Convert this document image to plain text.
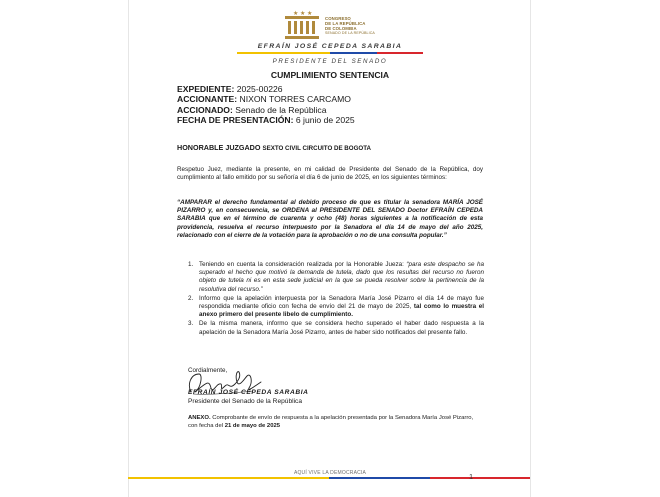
★ ★ ★
CONGRESO
DE LA REPÚBLICA
DE COLOMBIA
SENADO DE LA REPÚBLICA
EFRAÍN JOSÉ CEPEDA SARABIA
PRESIDENTE DEL SENADO
CUMPLIMIENTO SENTENCIA
EXPEDIENTE: 2025-00226
ACCIONANTE: NIXON TORRES CARCAMO
ACCIONADO: Senado de la República
FECHA DE PRESENTACIÓN: 6 junio de 2025
HONORABLE JUZGADO SEXTO CIVIL CIRCUITO DE BOGOTA

Respetuo Juez, mediante la presente, en mi calidad de Presidente del Senado de la República, doy cumplimiento al fallo emitido por su señoría el día 6 de junio de 2025, en los siguientes términos:

“AMPARAR el derecho fundamental al debido proceso de que es titular la senadora MARÍA JOSÉ PIZARRO y, en consecuencia, se ORDENA al PRESIDENTE DEL SENADO Doctor EFRAÍN CEPEDA SARABIA que en el término de cuarenta y ocho (48) horas siguientes a la notificación de esta providencia, resuelva el recurso interpuesto por la Senadora el día 14 de mayo del año 2025, relacionado con el cierre de la votación para la aprobación o no de una consulta popular.”

1. Teniendo en cuenta la consideración realizada por la Honorable Jueza: “para este despacho se ha superado el hecho que motivó la demanda de tutela, dado que los resultas del recurso no fueron objeto de tutela ni es en esta sede judicial en la que se pueda resolver sobre la pertinencia de la resolutiva del recurso.”
2. Informo que la apelación interpuesta por la Senadora María José Pizarro el día 14 de mayo fue respondida mediante oficio con fecha de envío del 21 de mayo de 2025, tal como lo muestra el anexo primero del presente libelo de cumplimiento.
3. De la misma manera, informo que se considera hecho superado el haber dado respuesta a la apelación de la Senadora María José Pizarro, antes de haber sido notificados del presente fallo.
Cordialmente,
EFRAÍN JOSÉ CEPEDA SARABIA
Presidente del Senado de la República
ANEXO. Comprobante de envío de respuesta a la apelación presentada por la Senadora María José Pizarro, con fecha del 21 de mayo de 2025
AQUÍ VIVE LA DEMOCRACIA	1
